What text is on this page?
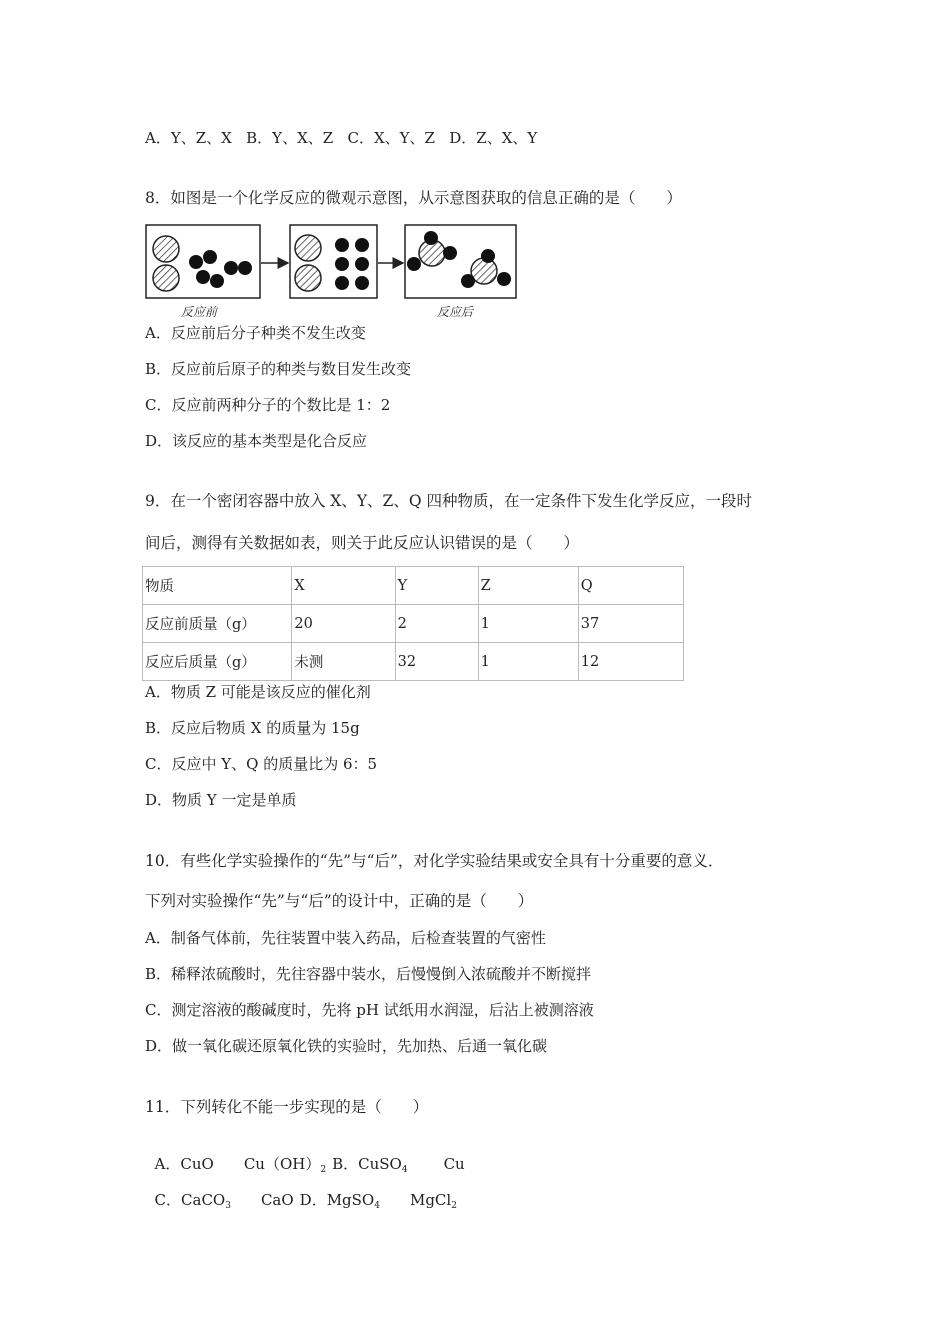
A．Y、Z、X   B．Y、X、Z   C．X、Y、Z   D．Z、X、Y
8．如图是一个化学反应的微观示意图，从示意图获取的信息正确的是（　　）
反应前	反应后
A．反应前后分子种类不发生改变
B．反应前后原子的种类与数目发生改变
C．反应前两种分子的个数比是 1：2
D．该反应的基本类型是化合反应
9．在一个密闭容器中放入 X、Y、Z、Q 四种物质，在一定条件下发生化学反应，一段时
间后，测得有关数据如表，则关于此反应认识错误的是（　　）
物质	X	Y	Z	Q
反应前质量（g）	20	2	1	37
反应后质量（g）	未测	32	1	12
A．物质 Z 可能是该反应的催化剂
B．反应后物质 X 的质量为 15g
C．反应中 Y、Q 的质量比为 6：5
D．物质 Y 一定是单质
10．有些化学实验操作的“先”与“后”，对化学实验结果或安全具有十分重要的意义．
下列对实验操作“先”与“后”的设计中，正确的是（　　）
A．制备气体前，先往装置中装入药品，后检查装置的气密性
B．稀释浓硫酸时，先往容器中装水，后慢慢倒入浓硫酸并不断搅拌
C．测定溶液的酸碱度时，先将 pH 试纸用水润湿，后沾上被测溶液
D．做一氧化碳还原氧化铁的实验时，先加热、后通一氧化碳
11．下列转化不能一步实现的是（　　）

A．CuO $Cu(OH)_2$ B．CuSO$_4$ Cu

C．CaCO$_3$ CaO D．MgSO$_4$ MgCl$_2$
